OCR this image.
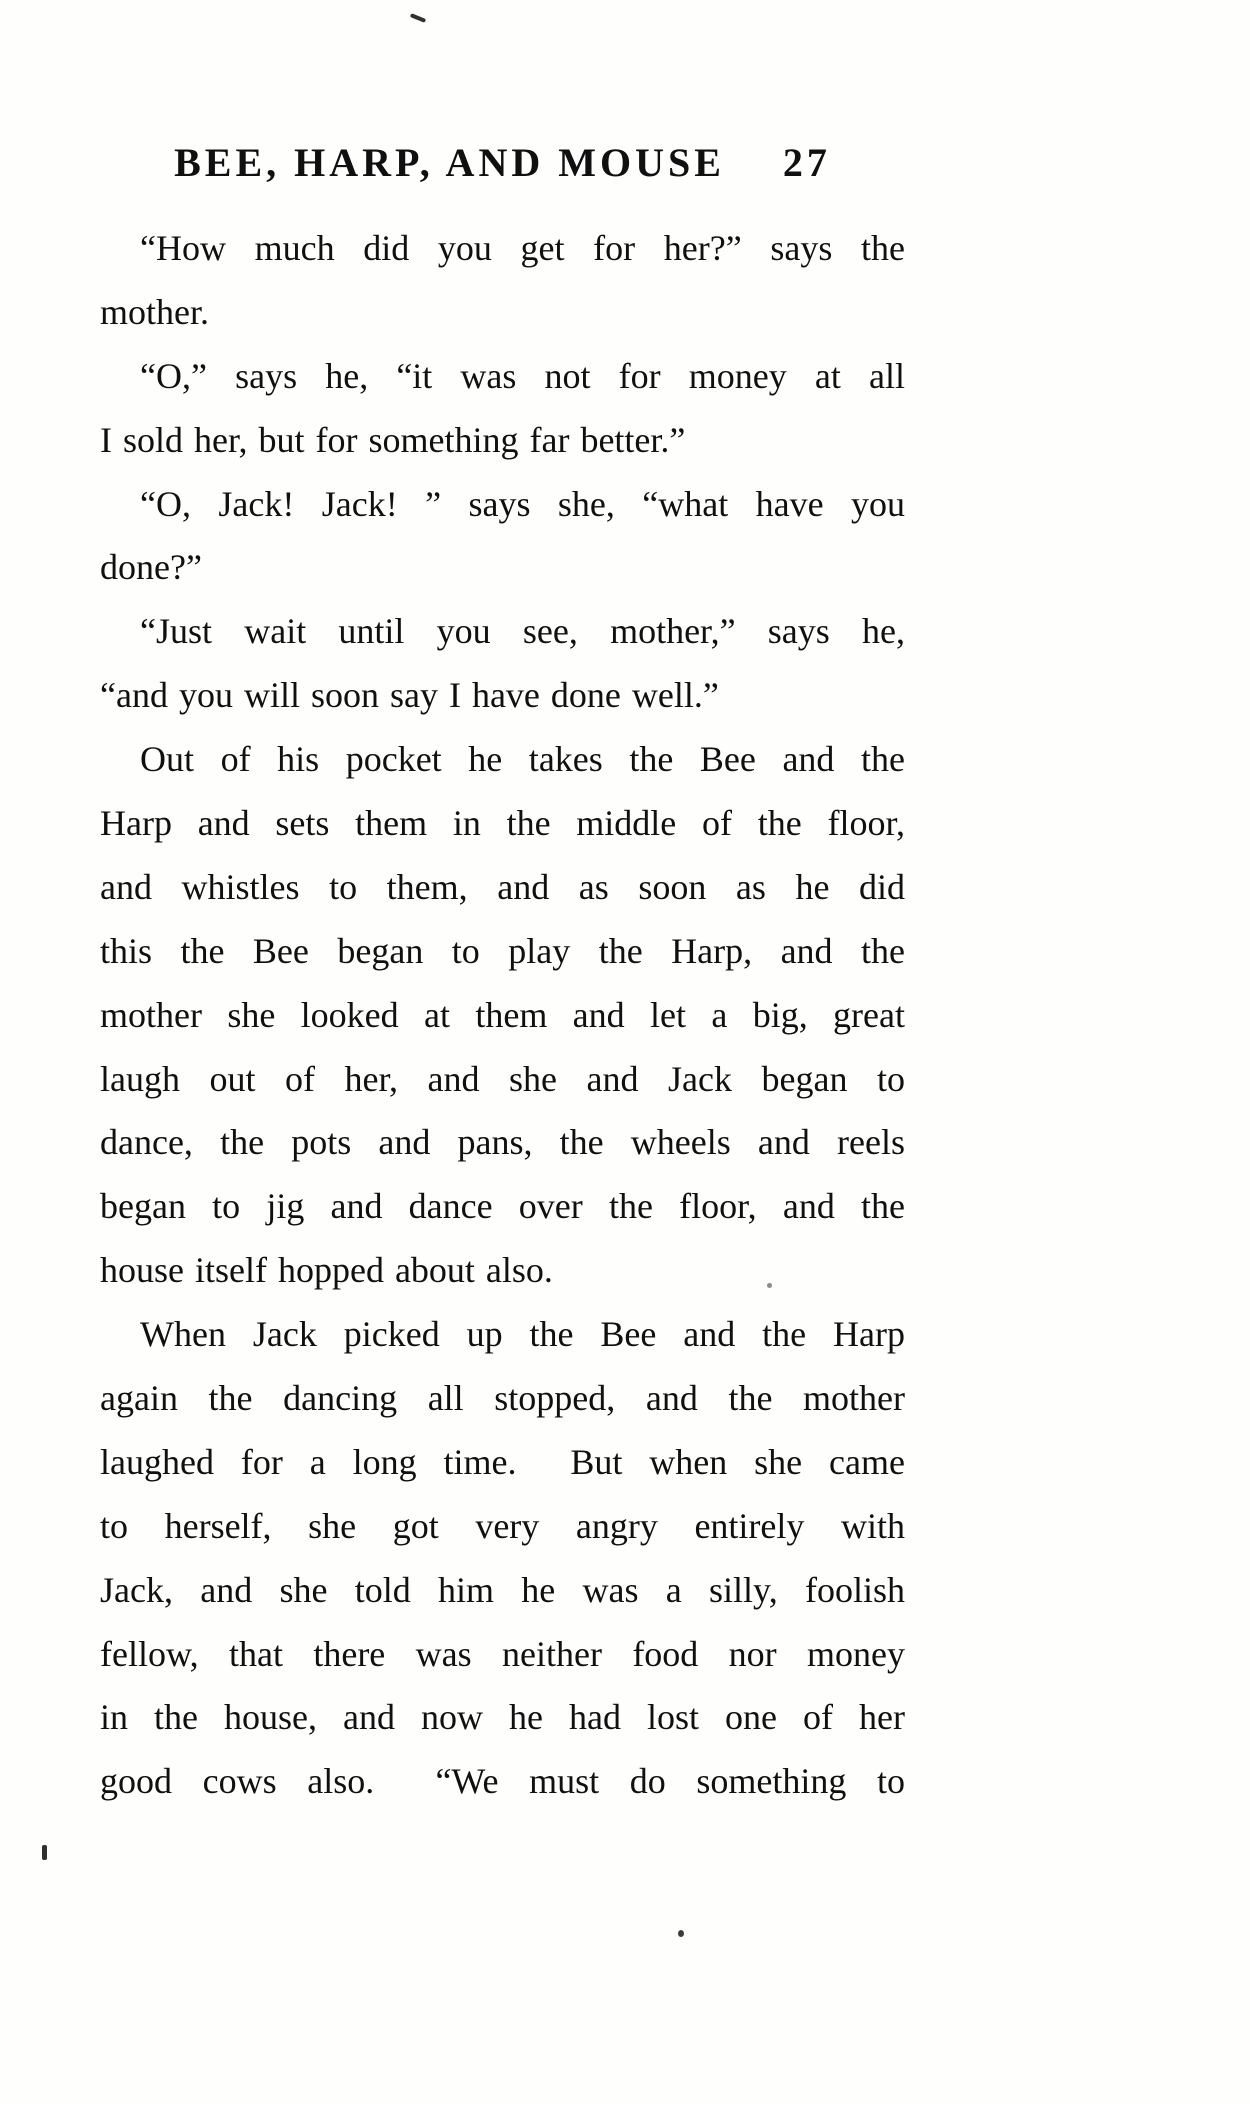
BEE, HARP, AND MOUSE 27
“How much did you get for her?” says the
mother.
“O,” says he, “it was not for money at all
I sold her, but for something far better.”
“O, Jack! Jack! ” says she, “what have you
done?”
“Just wait until you see, mother,” says he,
“and you will soon say I have done well.”
Out of his pocket he takes the Bee and the
Harp and sets them in the middle of the floor,
and whistles to them, and as soon as he did
this the Bee began to play the Harp, and the
mother she looked at them and let a big, great
laugh out of her, and she and Jack began to
dance, the pots and pans, the wheels and reels
began to jig and dance over the floor, and the
house itself hopped about also.
When Jack picked up the Bee and the Harp
again the dancing all stopped, and the mother
laughed for a long time.  But when she came
to herself, she got very angry entirely with
Jack, and she told him he was a silly, foolish
fellow, that there was neither food nor money
in the house, and now he had lost one of her
good cows also.  “We must do something to
